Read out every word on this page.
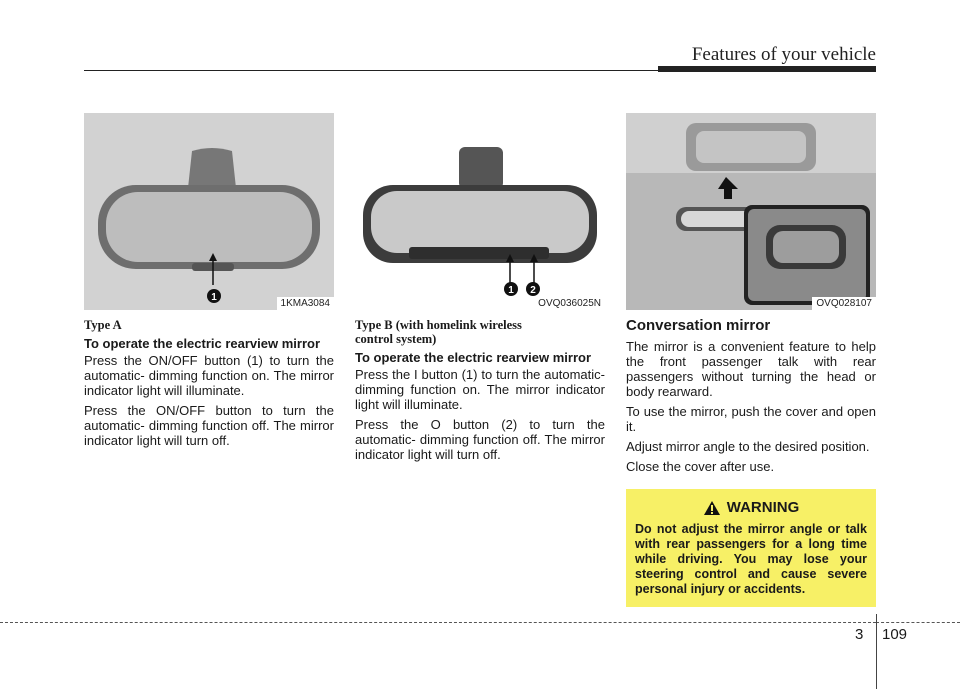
Features of your vehicle
1
1KMA3084
1 2
OVQ036025N	OVQ028107

Type A

To operate the electric rearview mirror

Press the ON/OFF button (1) to turn the automatic- dimming function on. The mirror indicator light will illuminate.

Press the ON/OFF button to turn the automatic- dimming function off. The mirror indicator light will turn off.

Type B (with homelink wireless
control system)

To operate the electric rearview mirror

Press the I button (1) to turn the automatic- dimming function on. The mirror indicator light will illuminate.

Press the O button (2) to turn the automatic- dimming function off. The mirror indicator light will turn off.

Conversation mirror

The mirror is a convenient feature to help the front passenger talk with rear passengers without turning the head or body rearward.

To use the mirror, push the cover and open it.

Adjust mirror angle to the desired position.

Close the cover after use.

WARNING

Do not adjust the mirror angle or talk with rear passengers for a long time while driving. You may lose your steering control and cause severe personal injury or accidents.

3 109
